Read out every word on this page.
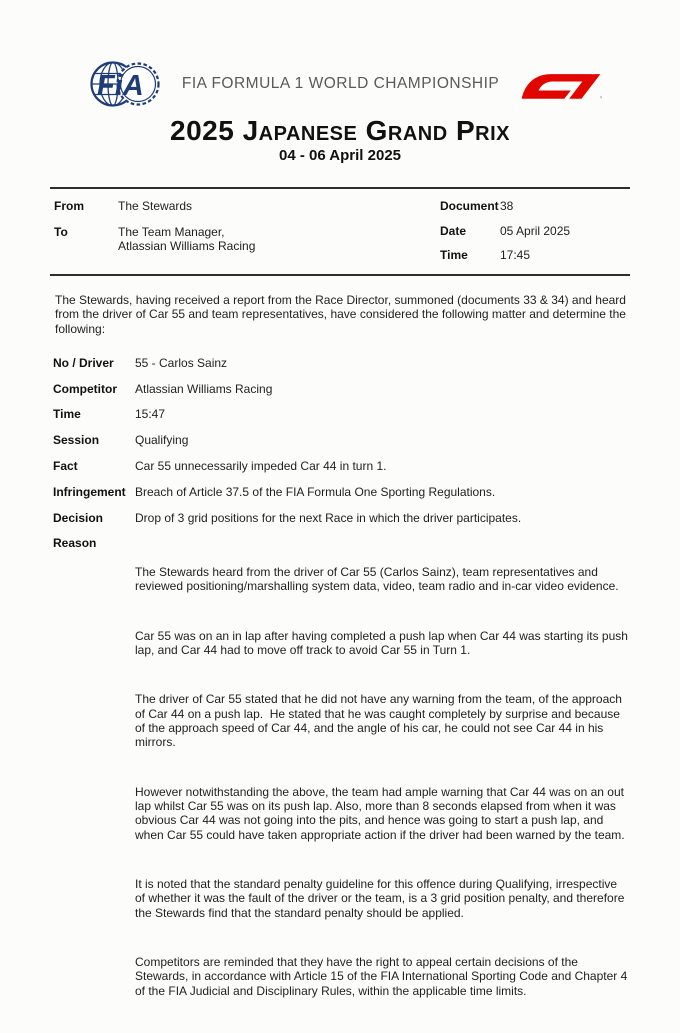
FiA FIA FORMULA 1 WORLD CHAMPIONSHIP
2025 Japanese Grand Prix
04 - 06 April 2025
From	The Stewards
To	The Team Manager,
Atlassian Williams Racing
Document 38
Date	05 April 2025
Time	17:45

The Stewards, having received a report from the Race Director, summoned (documents 33 & 34) and heard from the driver of Car 55 and team representatives, have considered the following matter and determine the following:

No / Driver	55 - Carlos Sainz
Competitor	Atlassian Williams Racing
Time	15:47
Session	Qualifying
Fact	Car 55 unnecessarily impeded Car 44 in turn 1.
Infringement Breach of Article 37.5 of the FIA Formula One Sporting Regulations.
Decision	Drop of 3 grid positions for the next Race in which the driver participates.
Reason

The Stewards heard from the driver of Car 55 (Carlos Sainz), team representatives and reviewed positioning/marshalling system data, video, team radio and in-car video evidence.

Car 55 was on an in lap after having completed a push lap when Car 44 was starting its push lap, and Car 44 had to move off track to avoid Car 55 in Turn 1.

The driver of Car 55 stated that he did not have any warning from the team, of the approach of Car 44 on a push lap.  He stated that he was caught completely by surprise and because of the approach speed of Car 44, and the angle of his car, he could not see Car 44 in his mirrors.

However notwithstanding the above, the team had ample warning that Car 44 was on an out lap whilst Car 55 was on its push lap. Also, more than 8 seconds elapsed from when it was obvious Car 44 was not going into the pits, and hence was going to start a push lap, and when Car 55 could have taken appropriate action if the driver had been warned by the team.

It is noted that the standard penalty guideline for this offence during Qualifying, irrespective of whether it was the fault of the driver or the team, is a 3 grid position penalty, and therefore the Stewards find that the standard penalty should be applied.

Competitors are reminded that they have the right to appeal certain decisions of the Stewards, in accordance with Article 15 of the FIA International Sporting Code and Chapter 4 of the FIA Judicial and Disciplinary Rules, within the applicable time limits.
